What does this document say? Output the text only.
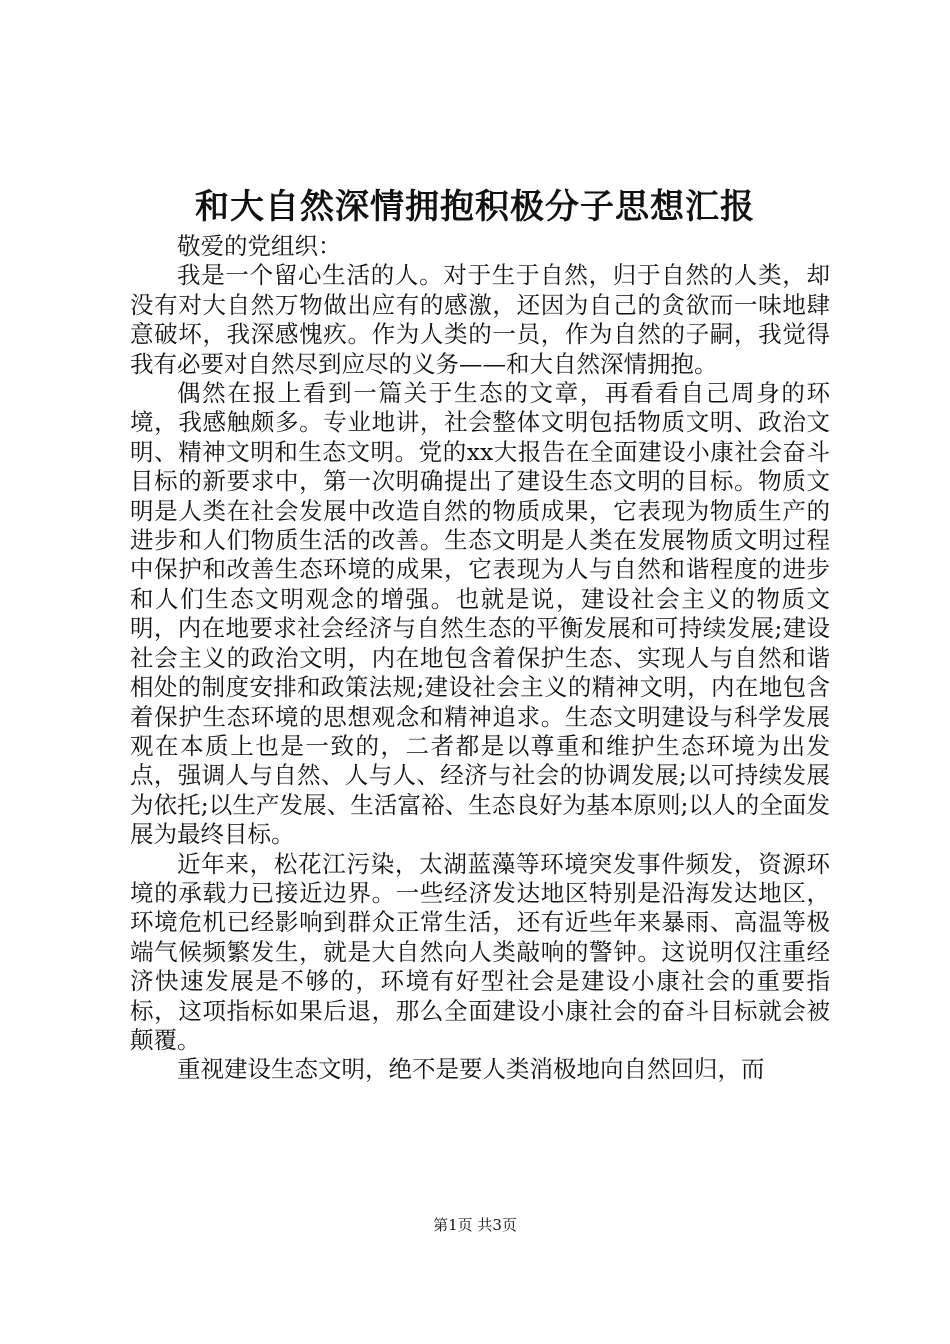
和大自然深情拥抱积极分子思想汇报

敬爱的党组织：

我是一个留心生活的人。对于生于自然，归于自然的人类，却没有对大自然万物做出应有的感激，还因为自己的贪欲而一味地肆意破坏，我深感愧疚。作为人类的一员，作为自然的子嗣，我觉得我有必要对自然尽到应尽的义务——和大自然深情拥抱。

偶然在报上看到一篇关于生态的文章，再看看自己周身的环境，我感触颇多。专业地讲，社会整体文明包括物质文明、政治文明、精神文明和生态文明。党的xx大报告在全面建设小康社会奋斗目标的新要求中，第一次明确提出了建设生态文明的目标。物质文明是人类在社会发展中改造自然的物质成果，它表现为物质生产的进步和人们物质生活的改善。生态文明是人类在发展物质文明过程中保护和改善生态环境的成果，它表现为人与自然和谐程度的进步和人们生态文明观念的增强。也就是说，建设社会主义的物质文明，内在地要求社会经济与自然生态的平衡发展和可持续发展;建设社会主义的政治文明，内在地包含着保护生态、实现人与自然和谐相处的制度安排和政策法规;建设社会主义的精神文明，内在地包含着保护生态环境的思想观念和精神追求。生态文明建设与科学发展观在本质上也是一致的，二者都是以尊重和维护生态环境为出发点，强调人与自然、人与人、经济与社会的协调发展;以可持续发展为依托;以生产发展、生活富裕、生态良好为基本原则;以人的全面发展为最终目标。

近年来，松花江污染，太湖蓝藻等环境突发事件频发，资源环境的承载力已接近边界。一些经济发达地区特别是沿海发达地区，环境危机已经影响到群众正常生活，还有近些年来暴雨、高温等极端气候频繁发生，就是大自然向人类敲响的警钟。这说明仅注重经济快速发展是不够的，环境有好型社会是建设小康社会的重要指标，这项指标如果后退，那么全面建设小康社会的奋斗目标就会被颠覆。

重视建设生态文明，绝不是要人类消极地向自然回归，而

第1页 共3页
